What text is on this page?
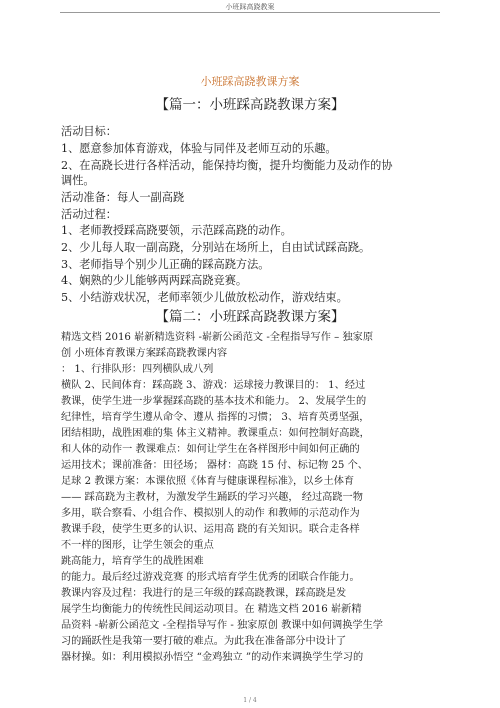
小班踩高跷教案
小班踩高跷教课方案
【篇一：小班踩高跷教课方案】
活动目标：
1、愿意参加体育游戏，体验与同伴及老师互动的乐趣。
2、在高跷长进行各样活动，能保持均衡，提升均衡能力及动作的协
调性。
活动准备：每人一副高跷
活动过程：
1、老师教授踩高跷要领，示范踩高跷的动作。
2、少儿每人取一副高跷，分别站在场所上，自由试试踩高跷。
3、老师指导个别少儿正确的踩高跷方法。
4、娴熟的少儿能够两两踩高跷竞赛。
5、小结游戏状况，老师率领少儿做放松动作，游戏结束。
【篇二：小班踩高跷教课方案】
精选文档 2016 崭新精选资料 -崭新公函范文 -全程指导写作 – 独家原
创 小班体育教课方案踩高跷教课内容
： 1、行排队形：四列横队成八列
横队 2、民间体育：踩高跷 3、游戏：运球接力教课目的： 1、经过
教课，使学生进一步掌握踩高跷的基本技术和能力。 2、发展学生的
纪律性，培育学生遵从命令、遵从 指挥的习惯； 3、培育英勇坚强，
团结相助，战胜困难的集 体主义精神。教课重点：如何控制好高跷，
和人体的动作一 教课难点：如何让学生在各样图形中间如何正确的
运用技术；课前准备：田径场； 器材：高跷 15 付、标记物 25 个、
足球 2 教课方案：本课依照《体育与健康课程标准》，以乡土体育
—— 踩高跷为主教材，为激发学生踊跃的学习兴趣， 经过高跷一物
多用，联合察看、小组合作、模拟别人的动作 和教师的示范动作为
教课手段，使学生更多的认识、运用高 跷的有关知识。联合走各样
不一样的图形，让学生领会的重点
跳高能力，培育学生的战胜困难
的能力。最后经过游戏竞赛 的形式培育学生优秀的团联合作能力。
教课内容及过程：我进行的是三年级的踩高跷教课，踩高跷是发
展学生均衡能力的传统性民间运动项目。在 精选文档 2016 崭新精
品资料 -崭新公函范文 -全程指导写作 - 独家原创 教课中如何调换学生学
习的踊跃性是我第一要打破的难点。为此我在准备部分中设计了
器材操。如：利用模拟孙悟空 “金鸡独立 ”的动作来调换学生学习的
1 / 4
